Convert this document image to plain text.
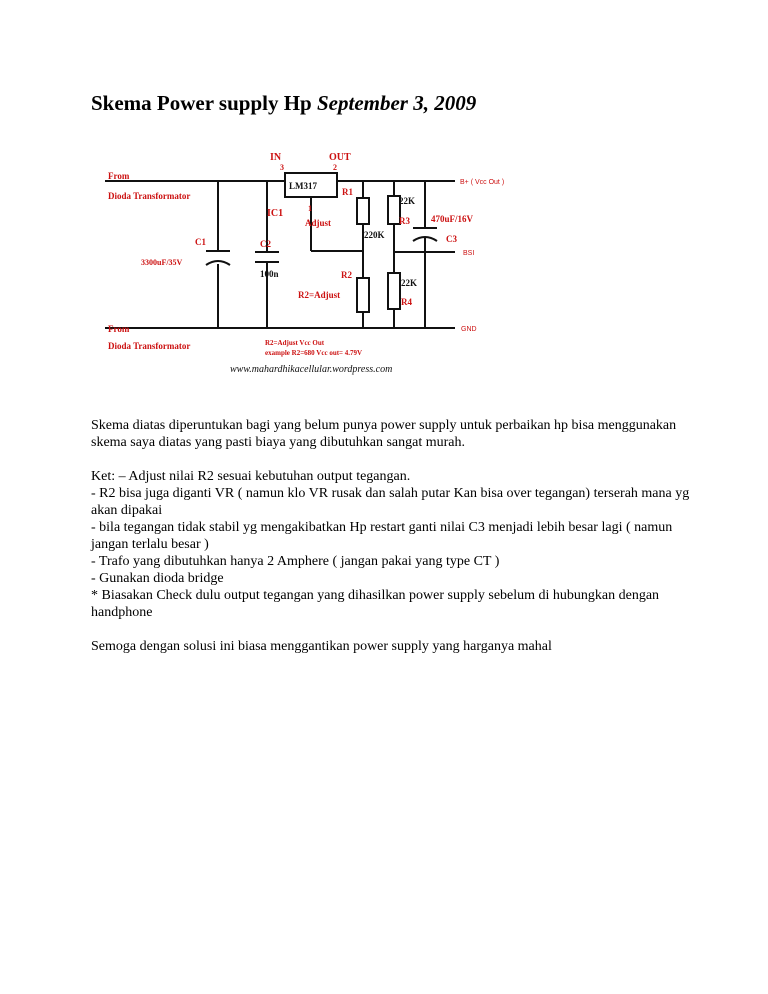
Skema Power supply Hp September 3, 2009
From
Dioda Transformator
From
Dioda Transformator
IN
3
OUT
2
LM317
IC1	1
Adjust
C1
3300uF/35V
C2
100n
R1
220K
R2
R2=Adjust
22K
R3
22K
R4
470uF/16V
C3
B+ ( Vcc Out )
BSI
GND
R2=Adjust Vcc Out
example R2=680 Vcc out= 4.79V
www.mahardhikacellular.wordpress.com

Skema diatas diperuntukan bagi yang belum punya power supply untuk perbaikan hp bisa menggunakan skema saya diatas yang pasti biaya yang dibutuhkan sangat murah.

Ket: – Adjust nilai R2 sesuai kebutuhan output tegangan.
- R2 bisa juga diganti VR ( namun klo VR rusak dan salah putar Kan bisa over tegangan) terserah mana yg akan dipakai
- bila tegangan tidak stabil yg mengakibatkan Hp restart ganti nilai C3 menjadi lebih besar lagi ( namun jangan terlalu besar )
- Trafo yang dibutuhkan hanya 2 Amphere ( jangan pakai yang type CT )
- Gunakan dioda bridge
* Biasakan Check dulu output tegangan yang dihasilkan power supply sebelum di hubungkan dengan handphone

Semoga dengan solusi ini biasa menggantikan power supply yang harganya mahal
